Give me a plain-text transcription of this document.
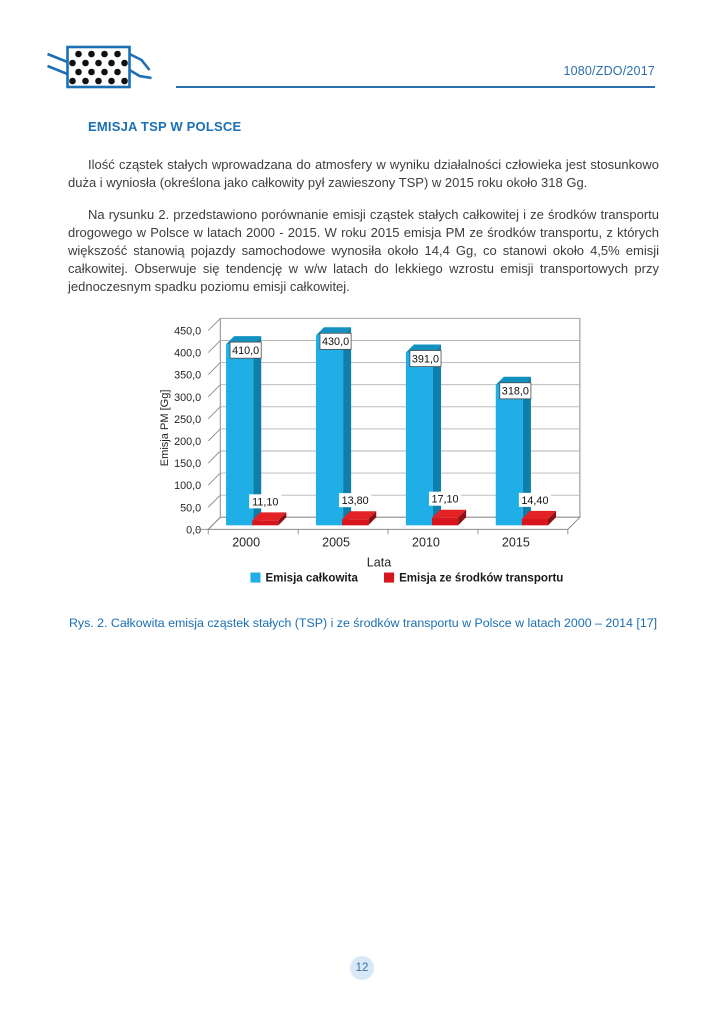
1080/ZDO/2017
EMISJA TSP W POLSCE

Ilość cząstek stałych wprowadzana do atmosfery w wyniku działalności człowieka jest stosunkowo duża i wyniosła (określona jako całkowity pył zawieszony TSP) w 2015 roku około 318 Gg.

Na rysunku 2. przedstawiono porównanie emisji cząstek stałych całkowitej i ze środków transportu drogowego w Polsce w latach 2000 - 2015. W roku 2015 emisja PM ze środków transportu, z których większość stanowią pojazdy samochodowe wynosiła około 14,4 Gg, co stanowi około 4,5% emisji całkowitej. Obserwuje się tendencję w w/w latach do lekkiego wzrostu emisji transportowych przy jednoczesnym spadku poziomu emisji całkowitej.

0,0
50,0
100,0
150,0
200,0
250,0
300,0
350,0
400,0
450,0
2000	2005	2010	2015
410,0
11,10
430,0
13,80
391,0
17,10
318,0
14,40
Emisja PM [Gg]
Lata
Emisja całkowita	Emisja ze środków transportu
Rys. 2. Całkowita emisja cząstek stałych (TSP) i ze środków transportu w Polsce w latach 2000 – 2014 [17]
12
